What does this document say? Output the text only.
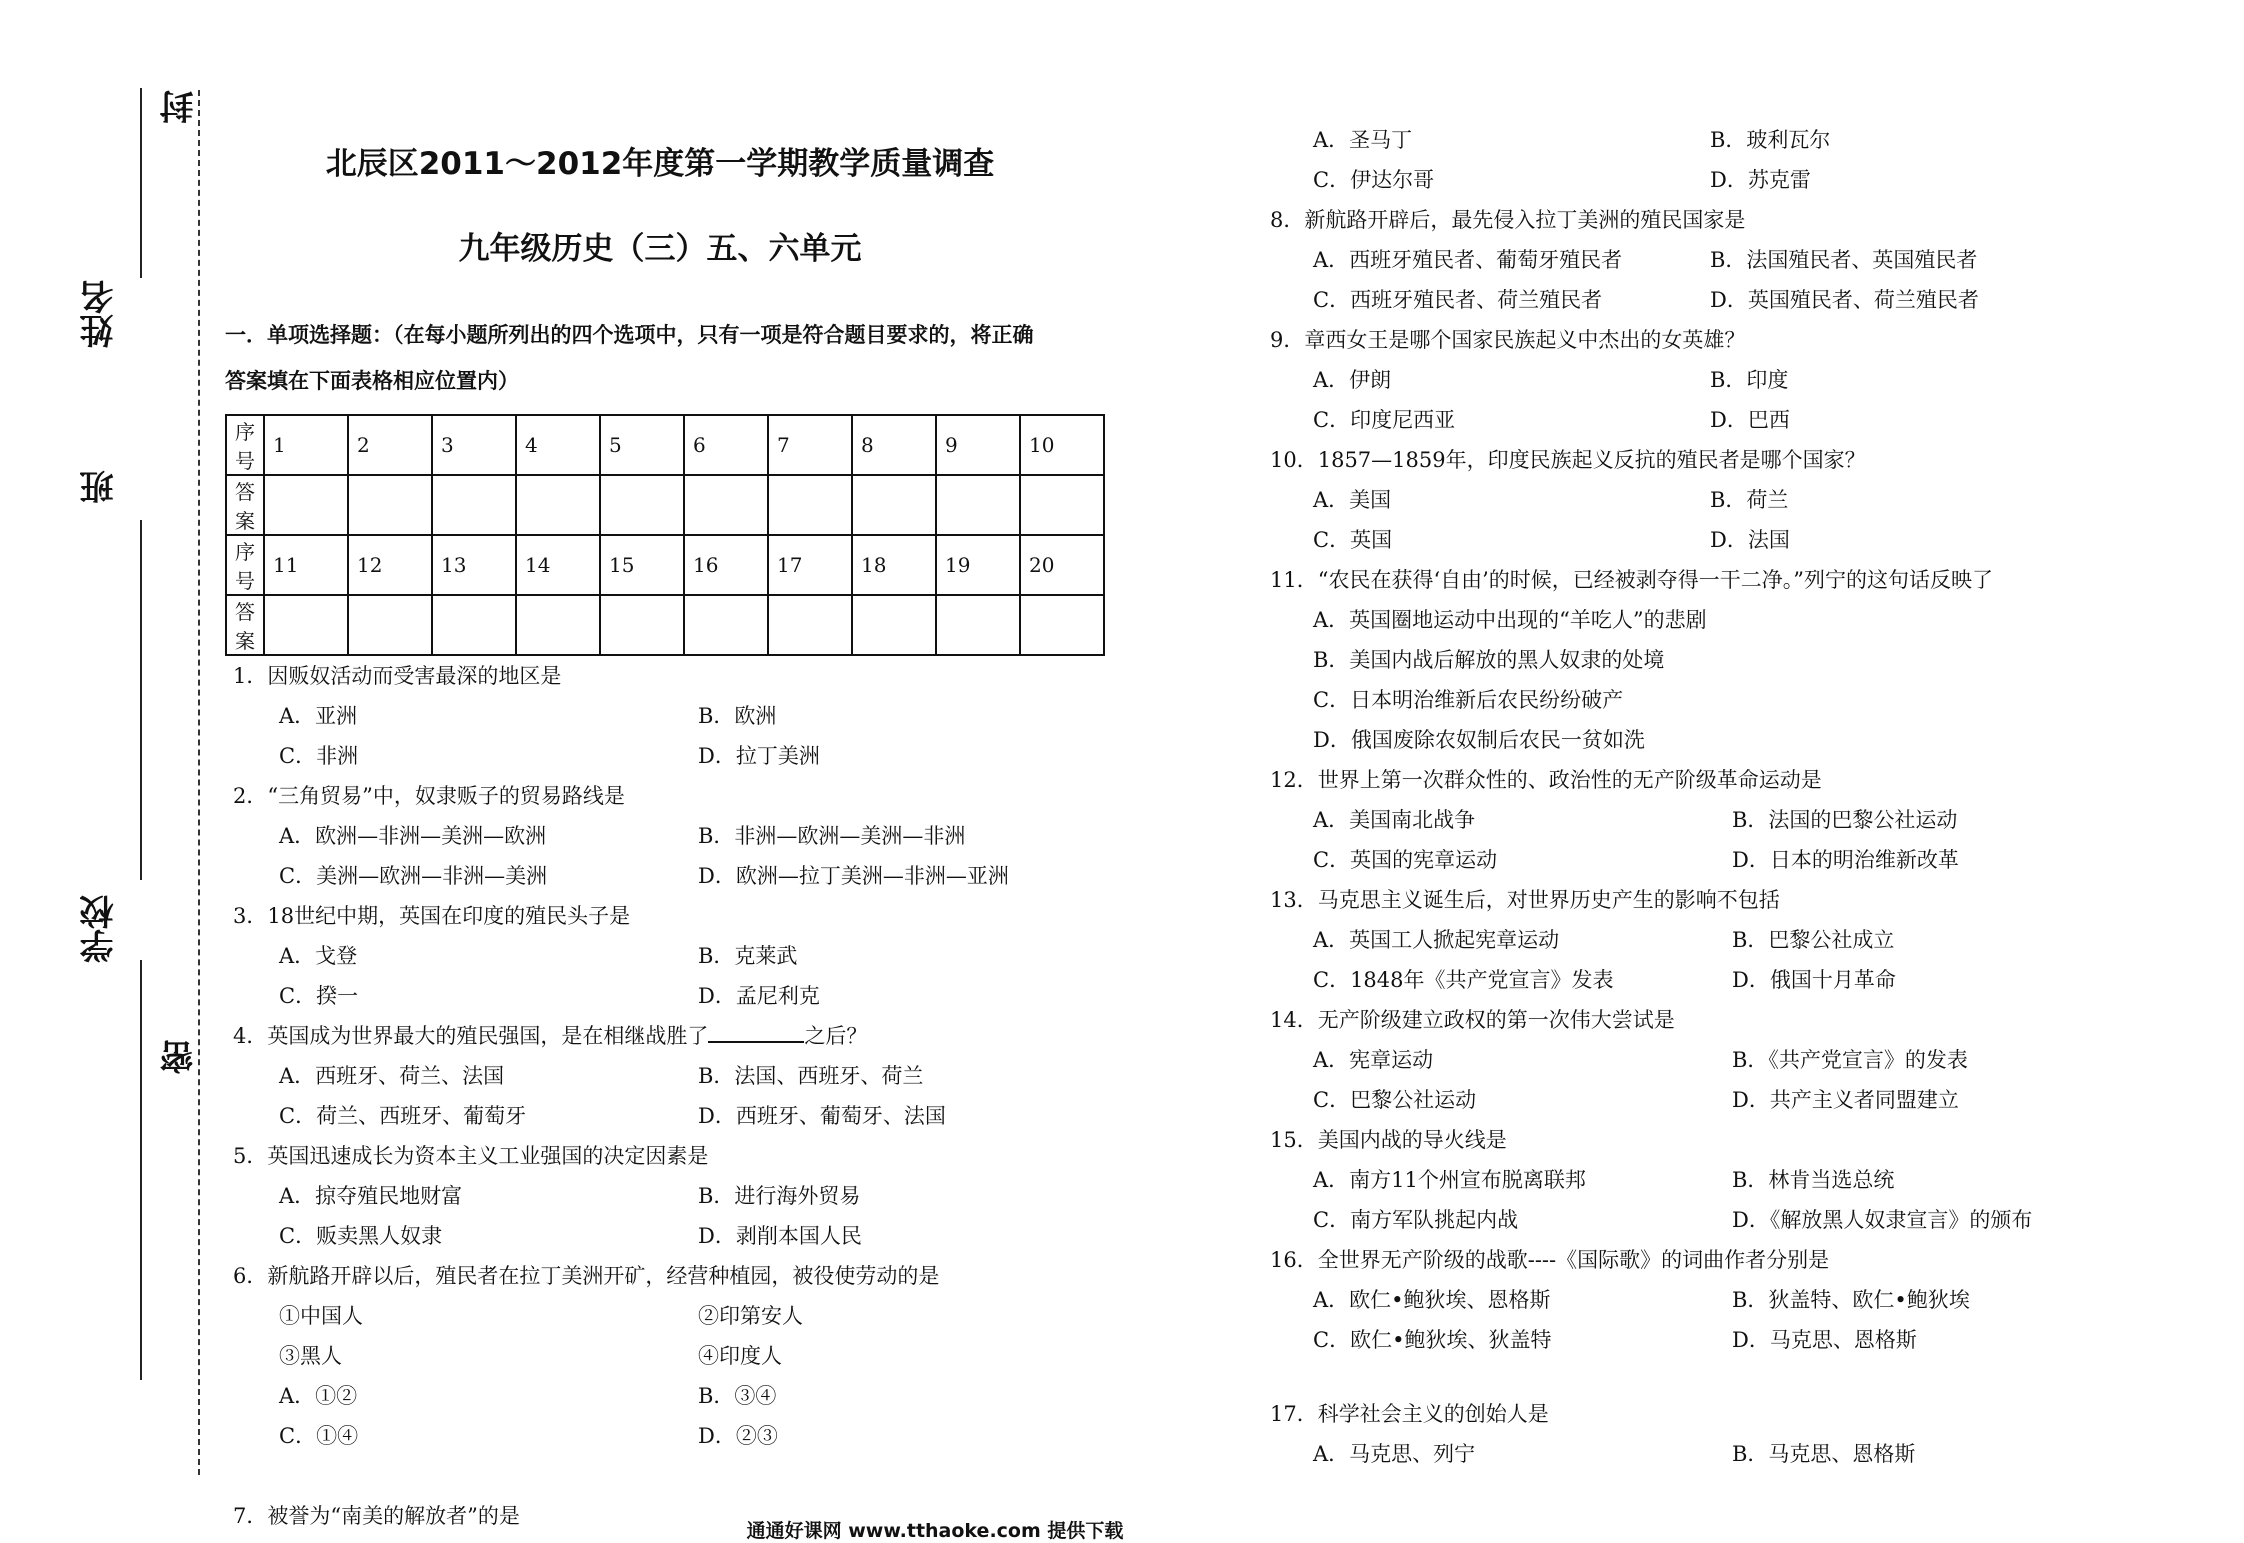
封
姓名
班
学校
密
北辰区2011～2012年度第一学期教学质量调查
九年级历史（三）五、六单元
一．单项选择题：（在每小题所列出的四个选项中，只有一项是符合题目要求的，将正确
答案填在下面表格相应位置内）
序号	1	2	3	4	5	6	7	8	9	10
答案										
序号	11	12	13	14	15	16	17	18	19	20
答案										
1．因贩奴活动而受害最深的地区是
A．亚洲	B．欧洲
C．非洲	D．拉丁美洲
2．“三角贸易”中，奴隶贩子的贸易路线是
A．欧洲—非洲—美洲—欧洲	B．非洲—欧洲—美洲—非洲
C．美洲—欧洲—非洲—美洲	D．欧洲—拉丁美洲—非洲—亚洲
3．18世纪中期，英国在印度的殖民头子是
A．戈登	B．克莱武
C．揆一	D．孟尼利克
4．英国成为世界最大的殖民强国，是在相继战胜了	之后？
A．西班牙、荷兰、法国	B．法国、西班牙、荷兰
C．荷兰、西班牙、葡萄牙	D．西班牙、葡萄牙、法国
5．英国迅速成长为资本主义工业强国的决定因素是
A．掠夺殖民地财富	B．进行海外贸易
C．贩卖黑人奴隶	D．剥削本国人民
6．新航路开辟以后，殖民者在拉丁美洲开矿，经营种植园，被役使劳动的是
①中国人	②印第安人
③黑人	④印度人
A．①②	B．③④
C．①④	D．②③
7．被誉为“南美的解放者”的是
A．圣马丁	B．玻利瓦尔
C．伊达尔哥	D．苏克雷
8．新航路开辟后，最先侵入拉丁美洲的殖民国家是
A．西班牙殖民者、葡萄牙殖民者	B．法国殖民者、英国殖民者
C．西班牙殖民者、荷兰殖民者	D．英国殖民者、荷兰殖民者
9．章西女王是哪个国家民族起义中杰出的女英雄？
A．伊朗	B．印度
C．印度尼西亚	D．巴西
10．1857—1859年，印度民族起义反抗的殖民者是哪个国家？
A．美国	B．荷兰
C．英国	D．法国
11．“农民在获得‘自由’的时候，已经被剥夺得一干二净。”列宁的这句话反映了
A．英国圈地运动中出现的“羊吃人”的悲剧
B．美国内战后解放的黑人奴隶的处境
C．日本明治维新后农民纷纷破产
D．俄国废除农奴制后农民一贫如洗
12．世界上第一次群众性的、政治性的无产阶级革命运动是
A．美国南北战争	B．法国的巴黎公社运动
C．英国的宪章运动	D．日本的明治维新改革
13．马克思主义诞生后，对世界历史产生的影响不包括
A．英国工人掀起宪章运动	B．巴黎公社成立
C．1848年《共产党宣言》发表	D．俄国十月革命
14．无产阶级建立政权的第一次伟大尝试是
A．宪章运动	B．《共产党宣言》的发表
C．巴黎公社运动	D．共产主义者同盟建立
15．美国内战的导火线是
A．南方11个州宣布脱离联邦	B．林肯当选总统
C．南方军队挑起内战	D．《解放黑人奴隶宣言》的颁布
16．全世界无产阶级的战歌----《国际歌》的词曲作者分别是
A．欧仁•鲍狄埃、恩格斯	B．狄盖特、欧仁•鲍狄埃
C．欧仁•鲍狄埃、狄盖特	D．马克思、恩格斯
17．科学社会主义的创始人是
A．马克思、列宁	B．马克思、恩格斯
通通好课网 www.tthaoke.com 提供下载
